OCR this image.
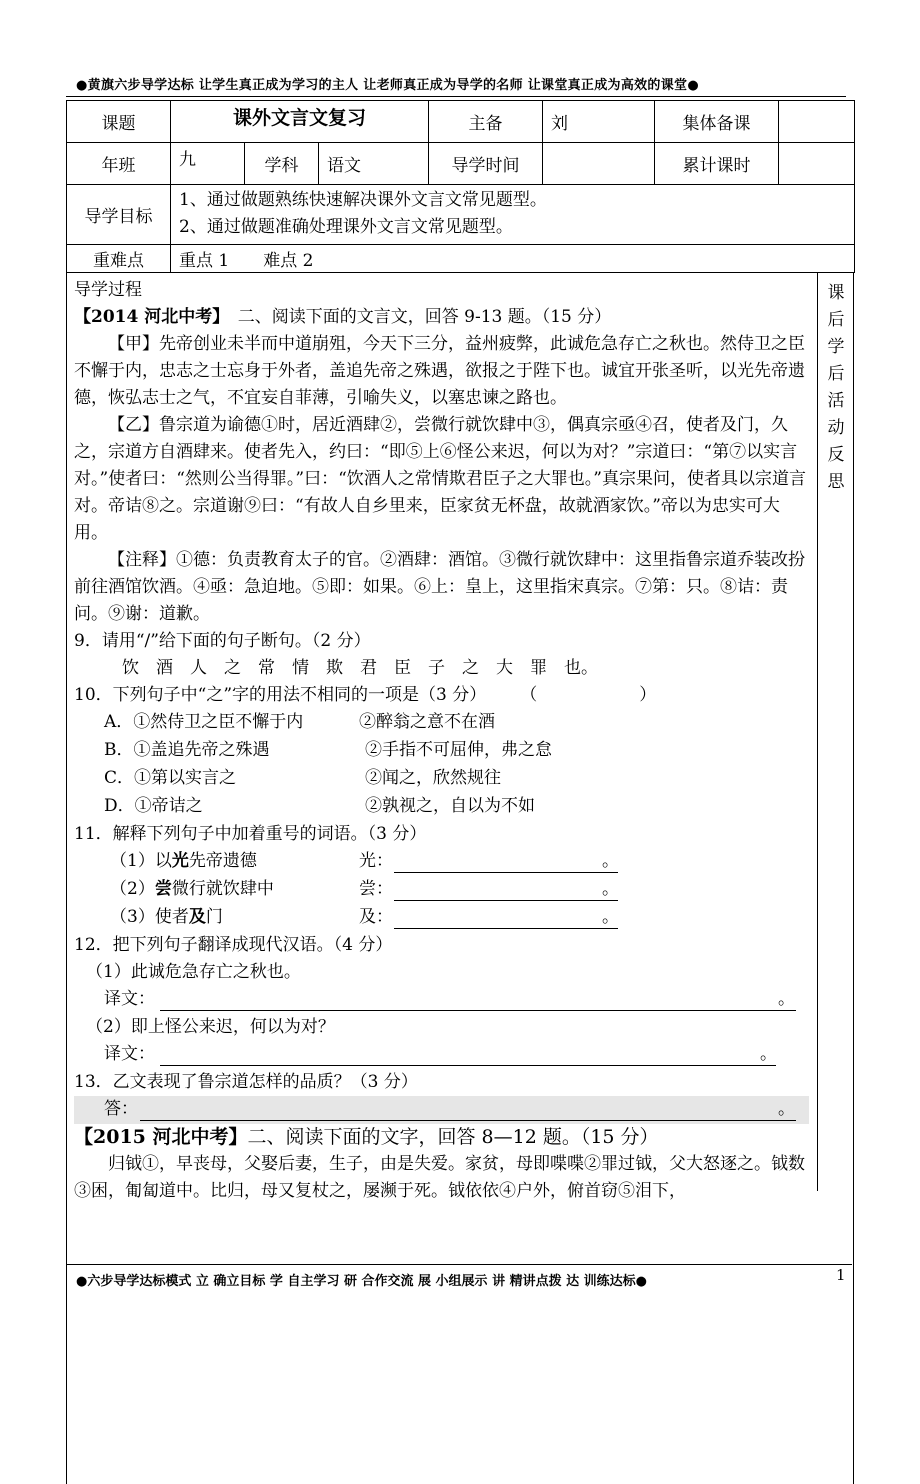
●黄旗六步导学达标 让学生真正成为学习的主人 让老师真正成为导学的名师 让课堂真正成为高效的课堂●
课题	课外文言文复习			主备	刘	集体备课	
年班	九	学科	语文	导学时间		累计课时	
导学目标	1、通过做题熟练快速解决课外文言文常见题型。
2、通过做题准确处理课外文言文常见题型。						

重难点	重点 1　　难点 2						
课后学后活动反思

导学过程

【2014 河北中考】　二、阅读下面的文言文，回答 9-13 题。（15 分）

【甲】先帝创业未半而中道崩殂，今天下三分，益州疲弊，此诚危急存亡之秋也。然侍卫之臣不懈于内，忠志之士忘身于外者，盖追先帝之殊遇，欲报之于陛下也。诚宜开张圣听，以光先帝遗德，恢弘志士之气，不宜妄自菲薄，引喻失义，以塞忠谏之路也。

【乙】鲁宗道为谕德①时，居近酒肆②，尝微行就饮肆中③，偶真宗亟④召，使者及门，久之，宗道方自酒肆来。使者先入，约曰：“即⑤上⑥怪公来迟，何以为对？”宗道曰：“第⑦以实言对。”使者曰：“然则公当得罪。”曰：“饮酒人之常情欺君臣子之大罪也。”真宗果问，使者具以宗道言对。帝诘⑧之。宗道谢⑨曰：“有故人自乡里来，臣家贫无杯盘，故就酒家饮。”帝以为忠实可大用。

【注释】①德：负责教育太子的官。②酒肆：酒馆。③微行就饮肆中：这里指鲁宗道乔装改扮前往酒馆饮酒。④亟：急迫地。⑤即：如果。⑥上：皇上，这里指宋真宗。⑦第：只。⑧诘：责问。⑨谢：道歉。

9．请用“/”给下面的句子断句。（2 分）

饮　酒　人　之　常　情　欺　君　臣　子　之　大　罪　也。

10．下列句子中“之”字的用法不相同的一项是（3 分）　　　（　　　　　　）

A．①然侍卫之臣不懈于内	②醉翁之意不在酒
B．①盖追先帝之殊遇	②手指不可屈伸，弗之怠
C．①第以实言之	②闻之，欣然规往
D．①帝诘之	②孰视之，自以为不如

11．解释下列句子中加着重号的词语。（3 分）

（1）以光先帝遗德	光：	。
（2）尝微行就饮肆中	尝：	。
（3）使者及门	及：	。

12．把下列句子翻译成现代汉语。（4 分）

（1）此诚危急存亡之秋也。

译文：	。

（2）即上怪公来迟，何以为对？

译文：	。

13．乙文表现了鲁宗道怎样的品质？（3 分）

答：	。

【2015 河北中考】二、阅读下面的文字，回答 8—12 题。（15 分）

归钺①，早丧母，父娶后妻，生子，由是失爱。家贫，母即喋喋②罪过钺，父大怒逐之。钺数③困，匍匐道中。比归，母又复杖之，屡濒于死。钺依依④户外，俯首窃⑤泪下，

●六步导学达标模式 立 确立目标 学 自主学习 研 合作交流 展 小组展示 讲 精讲点拨 达 训练达标●	1
